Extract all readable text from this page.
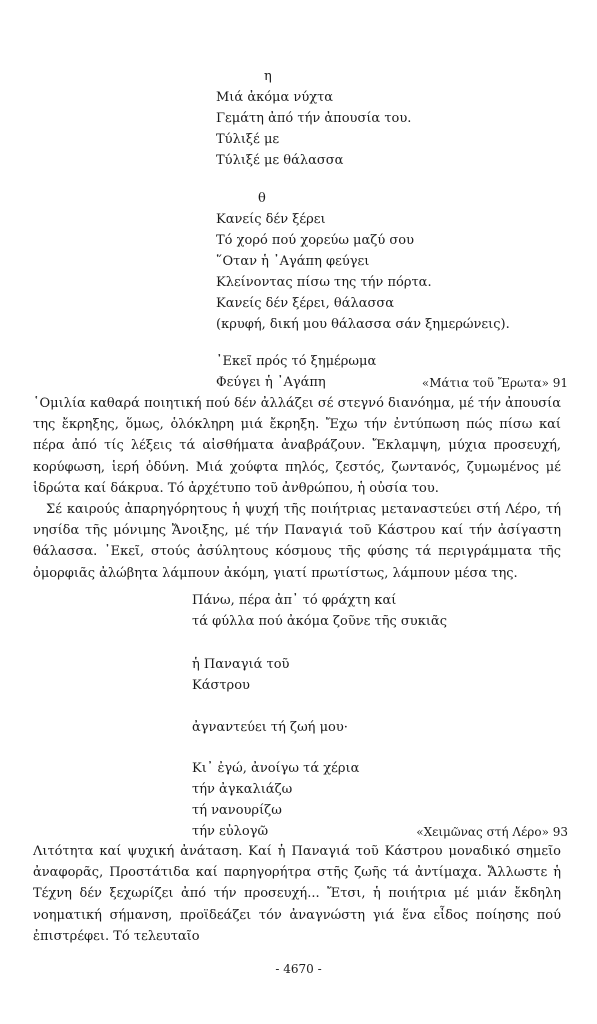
η
Μιά ἀκόμα νύχτα
Γεμάτη ἀπό τήν ἀπουσία του.
Τύλιξέ με
Τύλιξέ με θάλασσα
θ
Κανείς δέν ξέρει
Τό χορό πού χορεύω μαζύ σου
῞Οταν ἡ ᾿Αγάπη φεύγει
Κλείνοντας πίσω της τήν πόρτα.
Κανείς δέν ξέρει, θάλασσα
(κρυφή, δική μου θάλασσα σάν ξημερώνεις).
᾿Εκεῖ πρός τό ξημέρωμα
Φεύγει ἡ ᾿Αγάπη	«Μάτια τοῦ Ἔρωτα» 91

῾Ομιλία καθαρά ποιητική πού δέν ἀλλάζει σέ στεγνό διανόημα, μέ τήν ἀπουσία της ἔκρηξης, ὅμως, ὁλόκληρη μιά ἔκρηξη. Ἔχω τήν ἐντύπωση πώς πίσω καί πέρα ἀπό τίς λέξεις τά αἰσθήματα ἀναβράζουν. Ἔκλαμψη, μύχια προσευχή, κορύφωση, ἱερή ὀδύνη. Μιά χούφτα πηλός, ζεστός, ζωντανός, ζυμωμένος μέ ἱδρώτα καί δάκρυα. Τό ἀρχέτυπο τοῦ ἀνθρώπου, ἡ οὐσία του.

Σέ καιρούς ἀπαρηγόρητους ἡ ψυχή τῆς ποιήτριας μεταναστεύει στή Λέρο, τή νησίδα τῆς μόνιμης Ἄνοιξης, μέ τήν Παναγιά τοῦ Κάστρου καί τήν ἀσίγαστη θάλασσα. ᾿Εκεῖ, στούς ἀσύλητους κόσμους τῆς φύσης τά περιγράμματα τῆς ὀμορφιᾶς ἀλώβητα λάμπουν ἀκόμη, γιατί πρωτίστως, λάμπουν μέσα της.

Πάνω, πέρα ἀπ᾿ τό φράχτη καί
τά φύλλα πού ἀκόμα ζοῦνε τῆς συκιᾶς
ἡ Παναγιά τοῦ
Κάστρου
ἀγναντεύει τή ζωή μου·
Κι᾿ ἐγώ, ἀνοίγω τά χέρια
τήν ἀγκαλιάζω
τή νανουρίζω
τήν εὐλογῶ	«Χειμῶνας στή Λέρο» 93

Λιτότητα καί ψυχική ἀνάταση. Καί ἡ Παναγιά τοῦ Κάστρου μοναδικό σημεῖο ἀναφορᾶς, Προστάτιδα καί παρηγορήτρα στῆς ζωῆς τά ἀντίμαχα. Ἄλλωστε ἡ Τέχνη δέν ξεχωρίζει ἀπό τήν προσευχή... Ἔτσι, ἡ ποιήτρια μέ μιάν ἔκδηλη νοηματική σήμανση, προϊδεάζει τόν ἀναγνώστη γιά ἕνα εἶδος ποίησης πού ἐπιστρέφει. Τό τελευταῖο

- 4670 -
